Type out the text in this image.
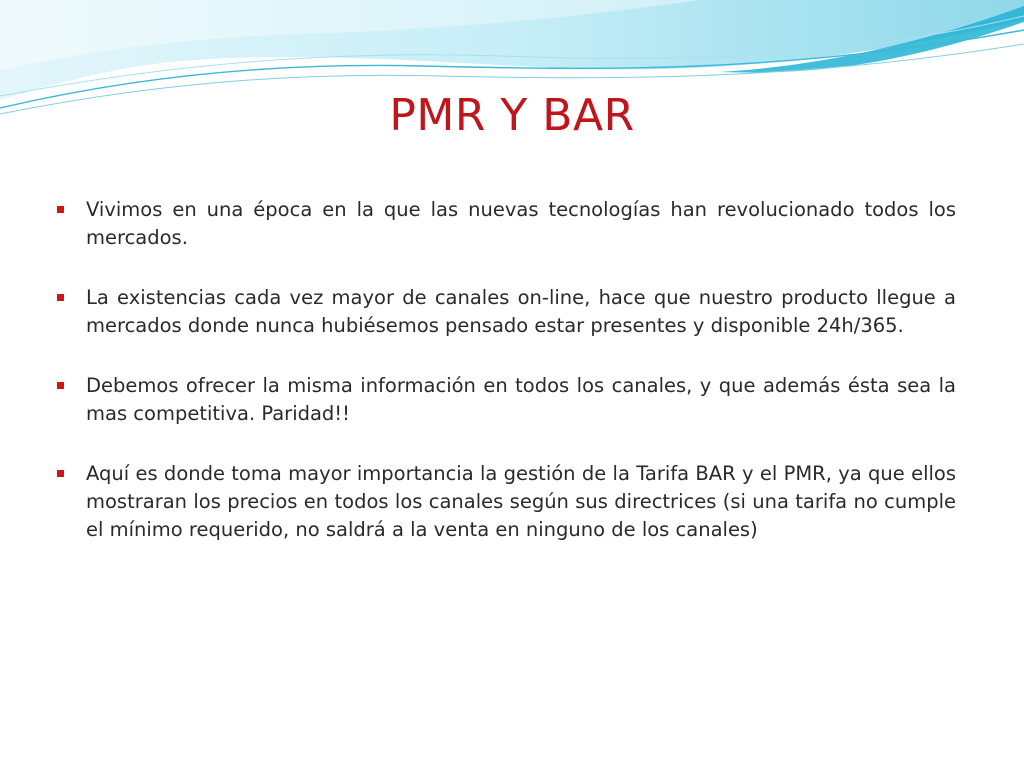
PMR Y BAR
Vivimos en una época en la que las nuevas tecnologías han revolucionado todos los mercados.
La existencias cada vez mayor de canales on-line, hace que nuestro producto llegue a mercados donde nunca hubiésemos pensado estar presentes y disponible 24h/365.
Debemos ofrecer la misma información en todos los canales, y que además ésta sea la mas competitiva. Paridad!!
Aquí es donde toma mayor importancia la gestión de la Tarifa BAR y el PMR, ya que ellos mostraran los precios en todos los canales según sus directrices (si una tarifa no cumple el mínimo requerido, no saldrá a la venta en ninguno de los canales)
